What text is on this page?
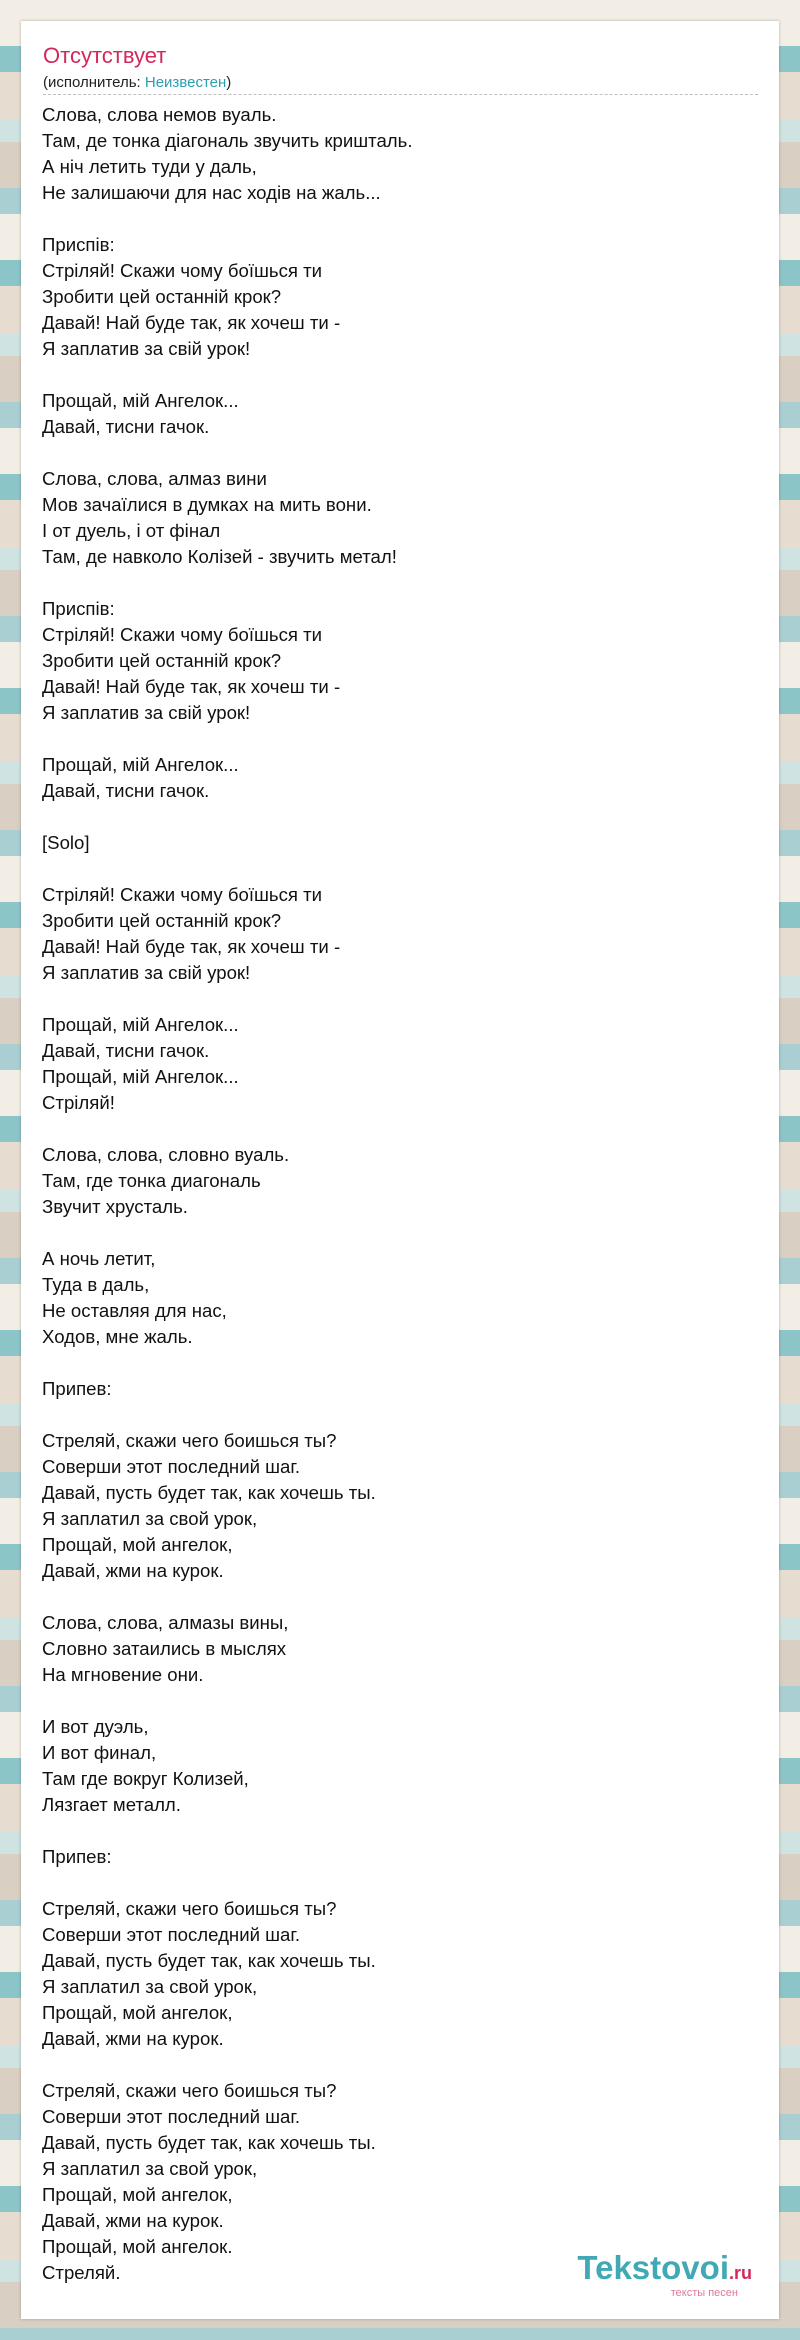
Отсутствует
(исполнитель: Неизвестен)
Слова, слова немов вуаль.
Там, де тонка діагональ звучить кришталь.
А ніч летить туди у даль,
Не залишаючи для нас ходів на жаль...
Приспів:
Стріляй! Скажи чому боїшься ти
Зробити цей останній крок?
Давай! Най буде так, як хочеш ти -
Я заплатив за свій урок!
Прощай, мій Ангелок...
Давай, тисни гачок.
Слова, слова, алмаз вини
Мов зачаїлися в думках на мить вони.
І от дуель, і от фінал
Там, де навколо Колізей - звучить метал!
Приспів:
Стріляй! Скажи чому боїшься ти
Зробити цей останній крок?
Давай! Най буде так, як хочеш ти -
Я заплатив за свій урок!
Прощай, мій Ангелок...
Давай, тисни гачок.
[Solo]
Стріляй! Скажи чому боїшься ти
Зробити цей останній крок?
Давай! Най буде так, як хочеш ти -
Я заплатив за свій урок!
Прощай, мій Ангелок...
Давай, тисни гачок.
Прощай, мій Ангелок...
Стріляй!
Слова, слова, словно вуаль.
Там, где тонка диагональ
Звучит хрусталь.
А ночь летит,
Туда в даль,
Не оставляя для нас,
Ходов, мне жаль.
Припев:
Стреляй, скажи чего боишься ты?
Соверши этот последний шаг.
Давай, пусть будет так, как хочешь ты.
Я заплатил за свой урок,
Прощай, мой ангелок,
Давай, жми на курок.
Слова, слова, алмазы вины,
Словно затаились в мыслях
На мгновение они.
И вот дуэль,
И вот финал,
Там где вокруг Колизей,
Лязгает металл.
Припев:
Стреляй, скажи чего боишься ты?
Соверши этот последний шаг.
Давай, пусть будет так, как хочешь ты.
Я заплатил за свой урок,
Прощай, мой ангелок,
Давай, жми на курок.
Стреляй, скажи чего боишься ты?
Соверши этот последний шаг.
Давай, пусть будет так, как хочешь ты.
Я заплатил за свой урок,
Прощай, мой ангелок,
Давай, жми на курок.
Прощай, мой ангелок.
Стреляй.	Tekstovoi.ru
тексты песен
